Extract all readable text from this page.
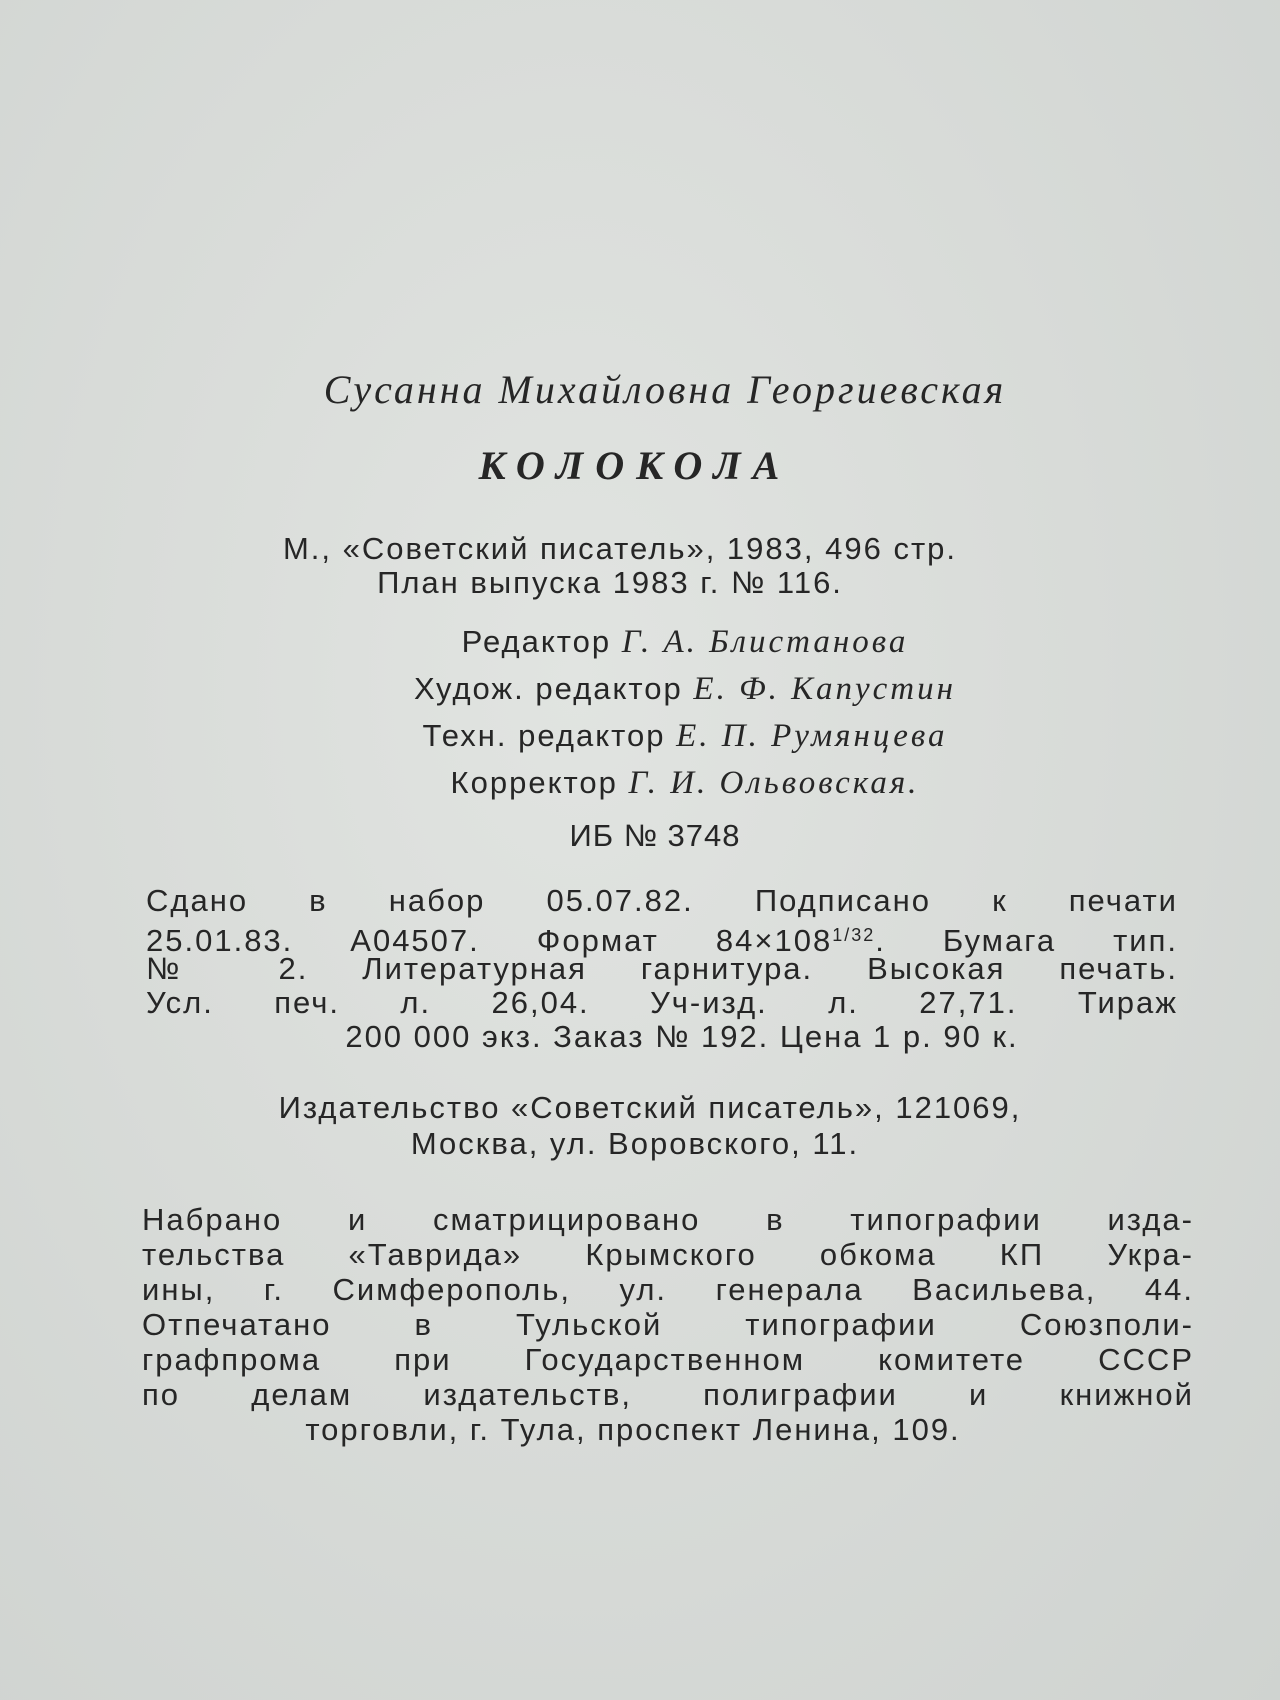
Сусанна Михайловна Георгиевская
КОЛОКОЛА
М., «Советский писатель», 1983, 496 стр.
План выпуска 1983 г. № 116.
Редактор Г. А. Блистанова
Худож. редактор Е. Ф. Капустин
Техн. редактор Е. П. Румянцева
Корректор Г. И. Ольвовская.
ИБ № 3748
Сдано в набор 05.07.82. Подписано к печати
25.01.83. А04507. Формат $84\times 108^{1/32}$. Бумага тип.
№ 2. Литературная гарнитура. Высокая печать.
Усл. печ. л. 26,04. Уч-изд. л. 27,71. Тираж
200 000 экз. Заказ № 192. Цена 1 р. 90 к.
Издательство «Советский писатель», 121069,
Москва, ул. Воровского, 11.
Набрано и сматрицировано в типографии изда-
тельства «Таврида» Крымского обкома КП Укра-
ины, г. Симферополь, ул. генерала Васильева, 44.
Отпечатано в Тульской типографии Союзполи-
графпрома при Государственном комитете СССР
по делам издательств, полиграфии и книжной
торговли, г. Тула, проспект Ленина, 109.
